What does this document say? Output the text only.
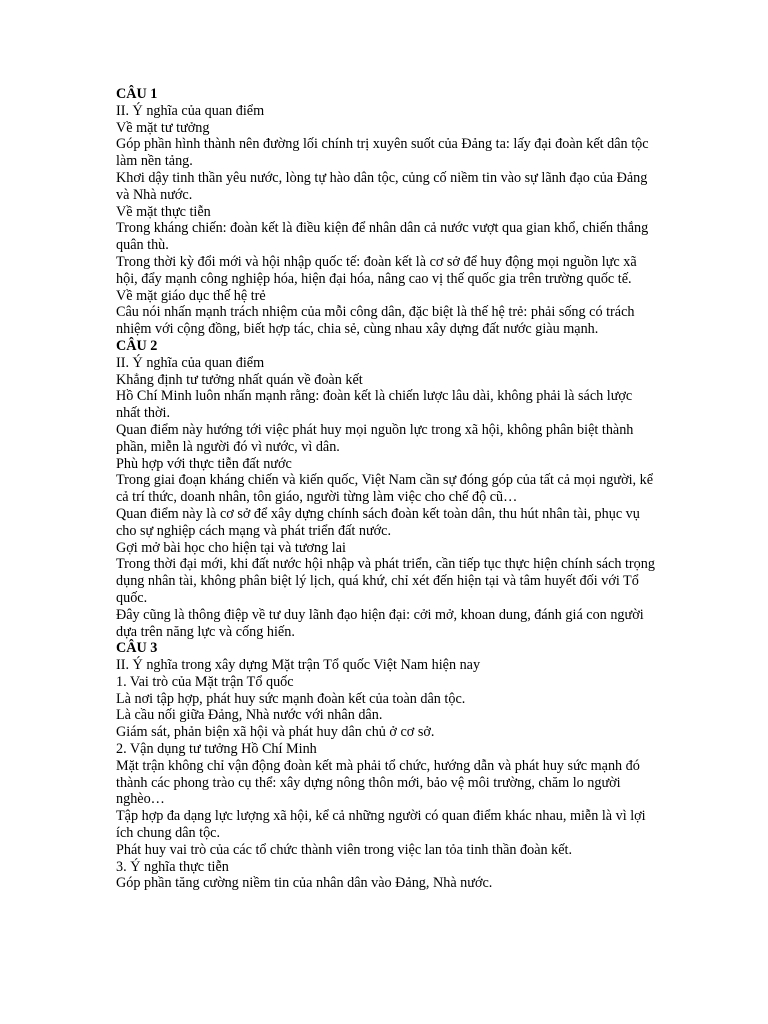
CÂU 1

II. Ý nghĩa của quan điểm

Về mặt tư tưởng

Góp phần hình thành nên đường lối chính trị xuyên suốt của Đảng ta: lấy đại đoàn kết dân tộc làm nền tảng.

Khơi dậy tinh thần yêu nước, lòng tự hào dân tộc, củng cố niềm tin vào sự lãnh đạo của Đảng và Nhà nước.

Về mặt thực tiễn

Trong kháng chiến: đoàn kết là điều kiện để nhân dân cả nước vượt qua gian khổ, chiến thắng quân thù.

Trong thời kỳ đổi mới và hội nhập quốc tế: đoàn kết là cơ sở để huy động mọi nguồn lực xã hội, đẩy mạnh công nghiệp hóa, hiện đại hóa, nâng cao vị thế quốc gia trên trường quốc tế.

Về mặt giáo dục thế hệ trẻ

Câu nói nhấn mạnh trách nhiệm của mỗi công dân, đặc biệt là thế hệ trẻ: phải sống có trách nhiệm với cộng đồng, biết hợp tác, chia sẻ, cùng nhau xây dựng đất nước giàu mạnh.

CÂU 2

II. Ý nghĩa của quan điểm

Khẳng định tư tưởng nhất quán về đoàn kết

Hồ Chí Minh luôn nhấn mạnh rằng: đoàn kết là chiến lược lâu dài, không phải là sách lược nhất thời.

Quan điểm này hướng tới việc phát huy mọi nguồn lực trong xã hội, không phân biệt thành phần, miễn là người đó vì nước, vì dân.

Phù hợp với thực tiễn đất nước

Trong giai đoạn kháng chiến và kiến quốc, Việt Nam cần sự đóng góp của tất cả mọi người, kể cả trí thức, doanh nhân, tôn giáo, người từng làm việc cho chế độ cũ…

Quan điểm này là cơ sở để xây dựng chính sách đoàn kết toàn dân, thu hút nhân tài, phục vụ cho sự nghiệp cách mạng và phát triển đất nước.

Gợi mở bài học cho hiện tại và tương lai

Trong thời đại mới, khi đất nước hội nhập và phát triển, cần tiếp tục thực hiện chính sách trọng dụng nhân tài, không phân biệt lý lịch, quá khứ, chỉ xét đến hiện tại và tâm huyết đối với Tổ quốc.

Đây cũng là thông điệp về tư duy lãnh đạo hiện đại: cởi mở, khoan dung, đánh giá con người dựa trên năng lực và cống hiến.

CÂU 3

II. Ý nghĩa trong xây dựng Mặt trận Tổ quốc Việt Nam hiện nay

1. Vai trò của Mặt trận Tổ quốc

Là nơi tập hợp, phát huy sức mạnh đoàn kết của toàn dân tộc.

Là cầu nối giữa Đảng, Nhà nước với nhân dân.

Giám sát, phản biện xã hội và phát huy dân chủ ở cơ sở.

2. Vận dụng tư tưởng Hồ Chí Minh

Mặt trận không chỉ vận động đoàn kết mà phải tổ chức, hướng dẫn và phát huy sức mạnh đó thành các phong trào cụ thể: xây dựng nông thôn mới, bảo vệ môi trường, chăm lo người nghèo…

Tập hợp đa dạng lực lượng xã hội, kể cả những người có quan điểm khác nhau, miễn là vì lợi ích chung dân tộc.

Phát huy vai trò của các tổ chức thành viên trong việc lan tỏa tinh thần đoàn kết.

3. Ý nghĩa thực tiễn

Góp phần tăng cường niềm tin của nhân dân vào Đảng, Nhà nước.
